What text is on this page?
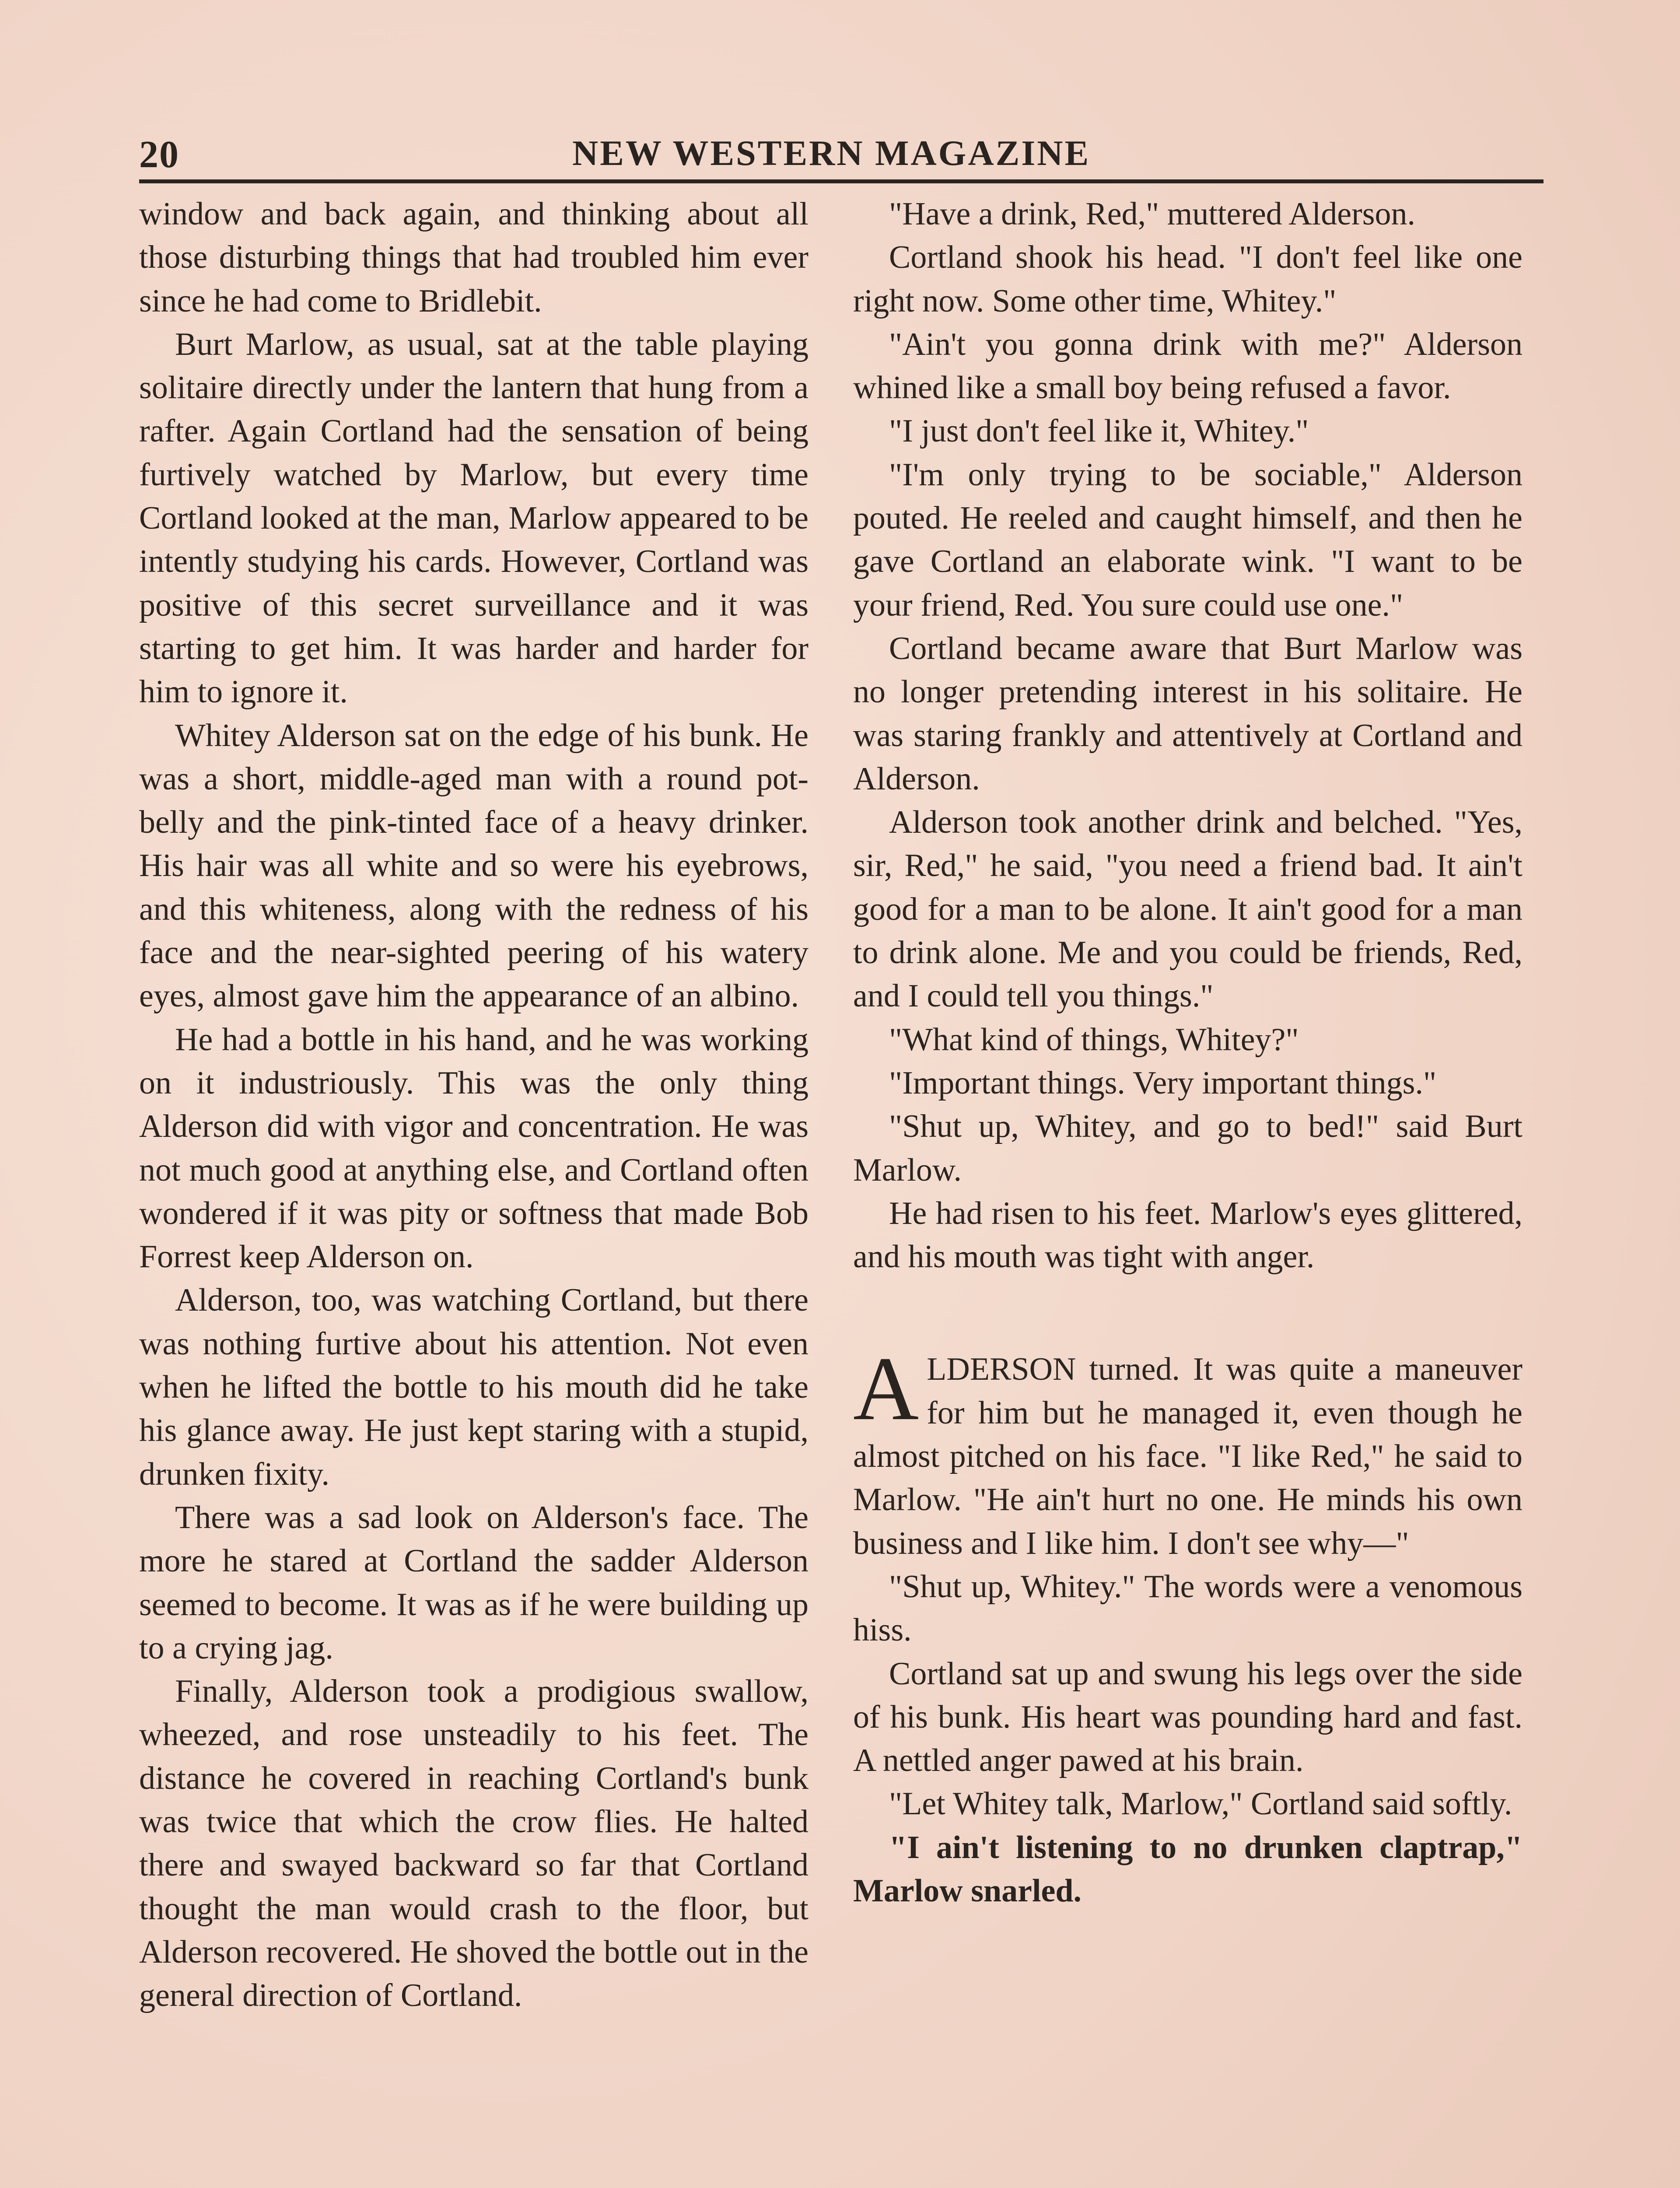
20	NEW WESTERN MAGAZINE

window and back again, and thinking about all those disturbing things that had troubled him ever since he had come to Bridlebit.

Burt Marlow, as usual, sat at the table playing solitaire directly under the lantern that hung from a rafter. Again Cortland had the sensation of being furtively watched by Marlow, but every time Cortland looked at the man, Marlow appeared to be intently studying his cards. However, Cortland was positive of this secret surveillance and it was starting to get him. It was harder and harder for him to ignore it.

Whitey Alderson sat on the edge of his bunk. He was a short, middle-aged man with a round pot-belly and the pink-tinted face of a heavy drinker. His hair was all white and so were his eyebrows, and this whiteness, along with the redness of his face and the near-sighted peering of his watery eyes, almost gave him the appearance of an albino.

He had a bottle in his hand, and he was working on it industriously. This was the only thing Alderson did with vigor and concentration. He was not much good at anything else, and Cortland often wondered if it was pity or softness that made Bob Forrest keep Alderson on.

Alderson, too, was watching Cortland, but there was nothing furtive about his attention. Not even when he lifted the bottle to his mouth did he take his glance away. He just kept staring with a stupid, drunken fixity.

There was a sad look on Alderson's face. The more he stared at Cortland the sadder Alderson seemed to become. It was as if he were building up to a crying jag.

Finally, Alderson took a prodigious swallow, wheezed, and rose unsteadily to his feet. The distance he covered in reaching Cortland's bunk was twice that which the crow flies. He halted there and swayed backward so far that Cortland thought the man would crash to the floor, but Alderson recovered. He shoved the bottle out in the general direction of Cortland.

"Have a drink, Red," muttered Alderson.

Cortland shook his head. "I don't feel like one right now. Some other time, Whitey."

"Ain't you gonna drink with me?" Alderson whined like a small boy being refused a favor.

"I just don't feel like it, Whitey."

"I'm only trying to be sociable," Alderson pouted. He reeled and caught himself, and then he gave Cortland an elaborate wink. "I want to be your friend, Red. You sure could use one."

Cortland became aware that Burt Marlow was no longer pretending interest in his solitaire. He was staring frankly and attentively at Cortland and Alderson.

Alderson took another drink and belched. "Yes, sir, Red," he said, "you need a friend bad. It ain't good for a man to be alone. It ain't good for a man to drink alone. Me and you could be friends, Red, and I could tell you things."

"What kind of things, Whitey?"

"Important things. Very important things."

"Shut up, Whitey, and go to bed!" said Burt Marlow.

He had risen to his feet. Marlow's eyes glittered, and his mouth was tight with anger.

ALDERSON turned. It was quite a maneuver for him but he managed it, even though he almost pitched on his face. "I like Red," he said to Marlow. "He ain't hurt no one. He minds his own business and I like him. I don't see why—"

"Shut up, Whitey." The words were a venomous hiss.

Cortland sat up and swung his legs over the side of his bunk. His heart was pounding hard and fast. A nettled anger pawed at his brain.

"Let Whitey talk, Marlow," Cortland said softly.

"I ain't listening to no drunken claptrap," Marlow snarled.
